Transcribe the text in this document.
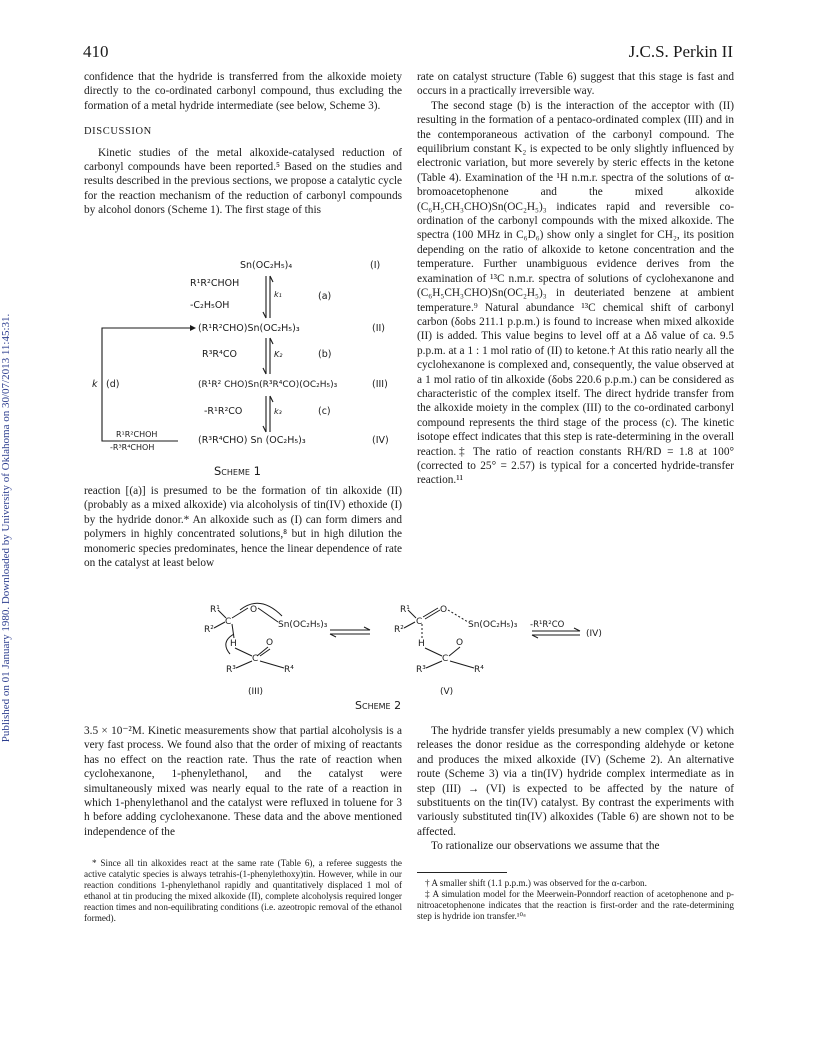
410	J.C.S. Perkin II
Published on 01 January 1980. Downloaded by University of Oklahoma on 30/07/2013 11:45:31.

confidence that the hydride is transferred from the alkoxide moiety directly to the co-ordinated carbonyl compound, thus excluding the formation of a metal hydride intermediate (see below, Scheme 3).

DISCUSSION

Kinetic studies of the metal alkoxide-catalysed reduction of carbonyl compounds have been reported.⁵ Based on the studies and results described in the previous sections, we propose a catalytic cycle for the reaction mechanism of the reduction of carbonyl compounds by alcohol donors (Scheme 1). The first stage of this

Sn(OC₂H₅)₄	(I)
R¹R²CHOH
-C₂H₅OH
k₁	(a)
(R¹R²CHO)Sn(OC₂H₅)₃	(II)
R³R⁴CO	K₂	(b)
(R¹R² CHO)Sn(R³R⁴CO)(OC₂H₅)₃	(III)
-R¹R²CO	k₃	(c)
(R³R⁴CHO) Sn (OC₂H₅)₃	(IV)
k (d)
R¹R²CHOH
-R³R⁴CHOH
Scheme 1

reaction [(a)] is presumed to be the formation of tin alkoxide (II) (probably as a mixed alkoxide) via alcoholysis of tin(IV) ethoxide (I) by the hydride donor.* An alkoxide such as (I) can form dimers and polymers in highly concentrated solutions,⁸ but in high dilution the monomeric species predominates, hence the linear dependence of rate on the catalyst at least below

rate on catalyst structure (Table 6) suggest that this stage is fast and occurs in a practically irreversible way.

The second stage (b) is the interaction of the acceptor with (II) resulting in the formation of a pentaco-ordinated complex (III) and in the contemporaneous activation of the carbonyl compound. The equilibrium constant K₂ is expected to be only slightly influenced by electronic variation, but more severely by steric effects in the ketone (Table 4). Examination of the ¹H n.m.r. spectra of the solutions of α-bromoacetophenone and the mixed alkoxide (C₆H₅CH₃CHO)Sn(OC₂H₅)₃ indicates rapid and reversible co-ordination of the carbonyl compounds with the mixed alkoxide. The spectra (100 MHz in C₆D₆) show only a singlet for CH₂, its position depending on the ratio of alkoxide to ketone concentration and the temperature. Further unambiguous evidence derives from the examination of ¹³C n.m.r. spectra of solutions of cyclohexanone and (C₆H₅CH₃CHO)Sn(OC₂H₅)₃ in deuteriated benzene at ambient temperature.⁹ Natural abundance ¹³C chemical shift of carbonyl carbon (δobs 211.1 p.p.m.) is found to increase when mixed alkoxide (II) is added. This value begins to level off at a Δδ value of ca. 9.5 p.p.m. at a 1 : 1 mol ratio of (II) to ketone.† At this ratio nearly all the cyclohexanone is complexed and, consequently, the value observed at a 1 mol ratio of tin alkoxide (δobs 220.6 p.p.m.) can be considered as characteristic of the complex itself. The direct hydride transfer from the alkoxide moiety in the complex (III) to the co-ordinated carbonyl compound represents the third stage of the process (c). The kinetic isotope effect indicates that this step is rate-determining in the overall reaction.‡ The ratio of reaction constants RH/RD = 1.8 at 100° (corrected to 25° = 2.57) is typical for a concerted hydride-transfer reaction.¹¹

R¹
R²
C
O
Sn(OC₂H₅)₃
H	O
C
R³	R⁴
(III)
R¹
R²
C
O
Sn(OC₂H₅)₃
H	O
C
R³	R⁴
(V)
-R¹R²CO
(IV)
Scheme 2

3.5 × 10⁻²M. Kinetic measurements show that partial alcoholysis is a very fast process. We found also that the order of mixing of reactants has no effect on the reaction rate. Thus the rate of reaction when cyclohexanone, 1-phenylethanol, and the catalyst were simultaneously mixed was nearly equal to the rate of a reaction in which 1-phenylethanol and the catalyst were refluxed in toluene for 3 h before adding cyclohexanone. These data and the above mentioned independence of the

* Since all tin alkoxides react at the same rate (Table 6), a referee suggests the active catalytic species is always tetrahis-(1-phenylethoxy)tin. However, while in our reaction conditions 1-phenylethanol rapidly and quantitatively displaced 1 mol of ethanol at tin producing the mixed alkoxide (II), complete alcoholysis required longer reaction times and non-equilibrating conditions (i.e. azeotropic removal of the ethanol formed).

The hydride transfer yields presumably a new complex (V) which releases the donor residue as the corresponding aldehyde or ketone and produces the mixed alkoxide (IV) (Scheme 2). An alternative route (Scheme 3) via a tin(IV) hydride complex intermediate as in step (III) → (VI) is expected to be affected by the nature of substituents on the tin(IV) catalyst. By contrast the experiments with variously substituted tin(IV) alkoxides (Table 6) are shown not to be affected.

To rationalize our observations we assume that the

† A smaller shift (1.1 p.p.m.) was observed for the α-carbon.

‡ A simulation model for the Meerwein-Ponndorf reaction of acetophenone and p-nitroacetophenone indicates that the reaction is first-order and the rate-determining step is hydride ion transfer.¹⁰ᵃ
